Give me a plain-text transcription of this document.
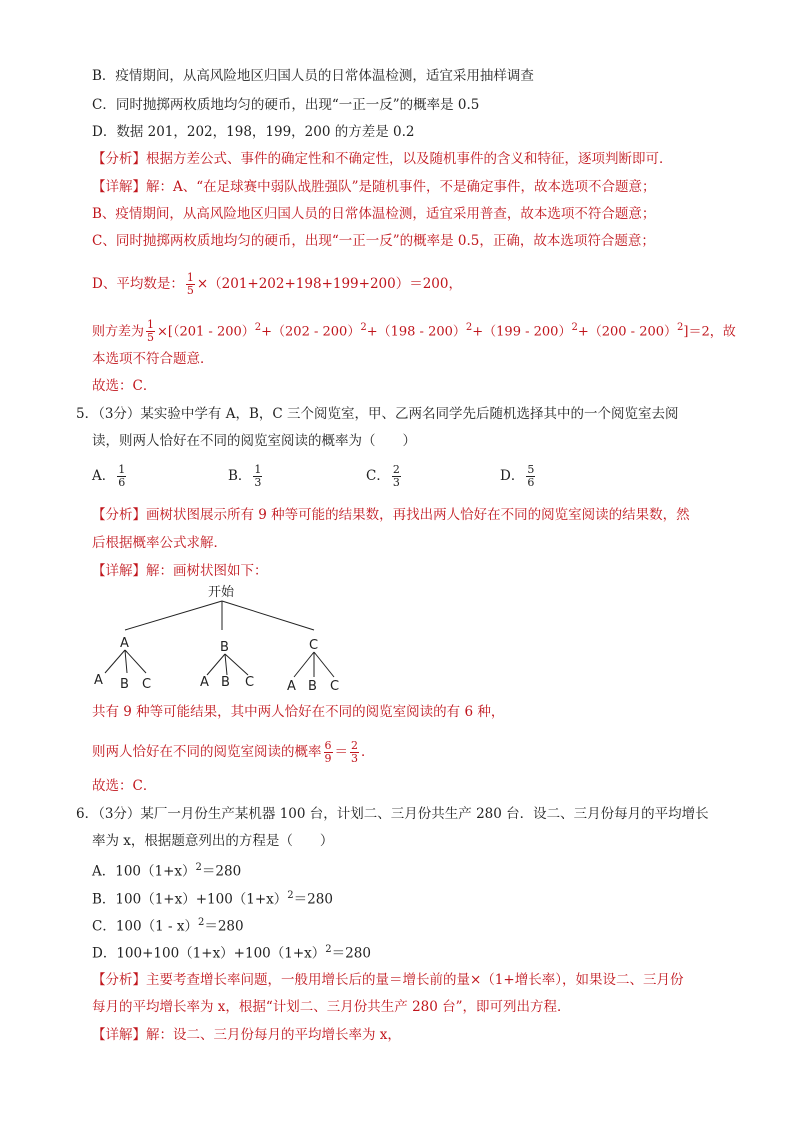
B．疫情期间，从高风险地区归国人员的日常体温检测，适宜采用抽样调查
C．同时抛掷两枚质地均匀的硬币，出现“一正一反”的概率是 0.5
D．数据 201，202，198，199，200 的方差是 0.2
【分析】根据方差公式、事件的确定性和不确定性，以及随机事件的含义和特征，逐项判断即可．
【详解】解：A、“在足球赛中弱队战胜强队”是随机事件，不是确定事件，故本选项不合题意；
B、疫情期间，从高风险地区归国人员的日常体温检测，适宜采用普查，故本选项不符合题意；
C、同时抛掷两枚质地均匀的硬币，出现“一正一反”的概率是 0.5，正确，故本选项符合题意；
D、平均数是： $\frac{1}{5} \times(201+202+198+199+200)=200$，
则方差为 $\frac{1}{5} \times[(201 - 200)^2+(202 - 200)^2+(198 - 200)^2+(199 - 200)^2+(200 - 200)^2]=2$，故
本选项不符合题意．
故选：C．
5．（3分）某实验中学有 A，B，C 三个阅览室，甲、乙两名同学先后随机选择其中的一个阅览室去阅
读，则两人恰好在不同的阅览室阅读的概率为（　　）
A． $\frac{1}{6}$	B． $\frac{1}{3}$	C． $\frac{2}{3}$	D． $\frac{5}{6}$
【分析】画树状图展示所有 9 种等可能的结果数，再找出两人恰好在不同的阅览室阅读的结果数，然
后根据概率公式求解．
【详解】解：画树状图如下：
开始
A	B	C
A B C	A B C	A B C
共有 9 种等可能结果，其中两人恰好在不同的阅览室阅读的有 6 种，
则两人恰好在不同的阅览室阅读的概率 $\frac{6}{9} = \frac{2}{3}$ ．
故选：C．
6．（3分）某厂一月份生产某机器 100 台，计划二、三月份共生产 280 台．设二、三月份每月的平均增长
率为 x，根据题意列出的方程是（　　）
A．$100(1+x)^2=280$
B．$100(1+x)+100(1+x)^2=280$
C．100（1 - x）$^2$＝280
D．$100+100(1+x)+100(1+x)^2=280$
【分析】主要考查增长率问题，一般用增长后的量＝增长前的量×（1+增长率），如果设二、三月份
每月的平均增长率为 x，根据“计划二、三月份共生产 280 台”，即可列出方程．
【详解】解：设二、三月份每月的平均增长率为 x，
